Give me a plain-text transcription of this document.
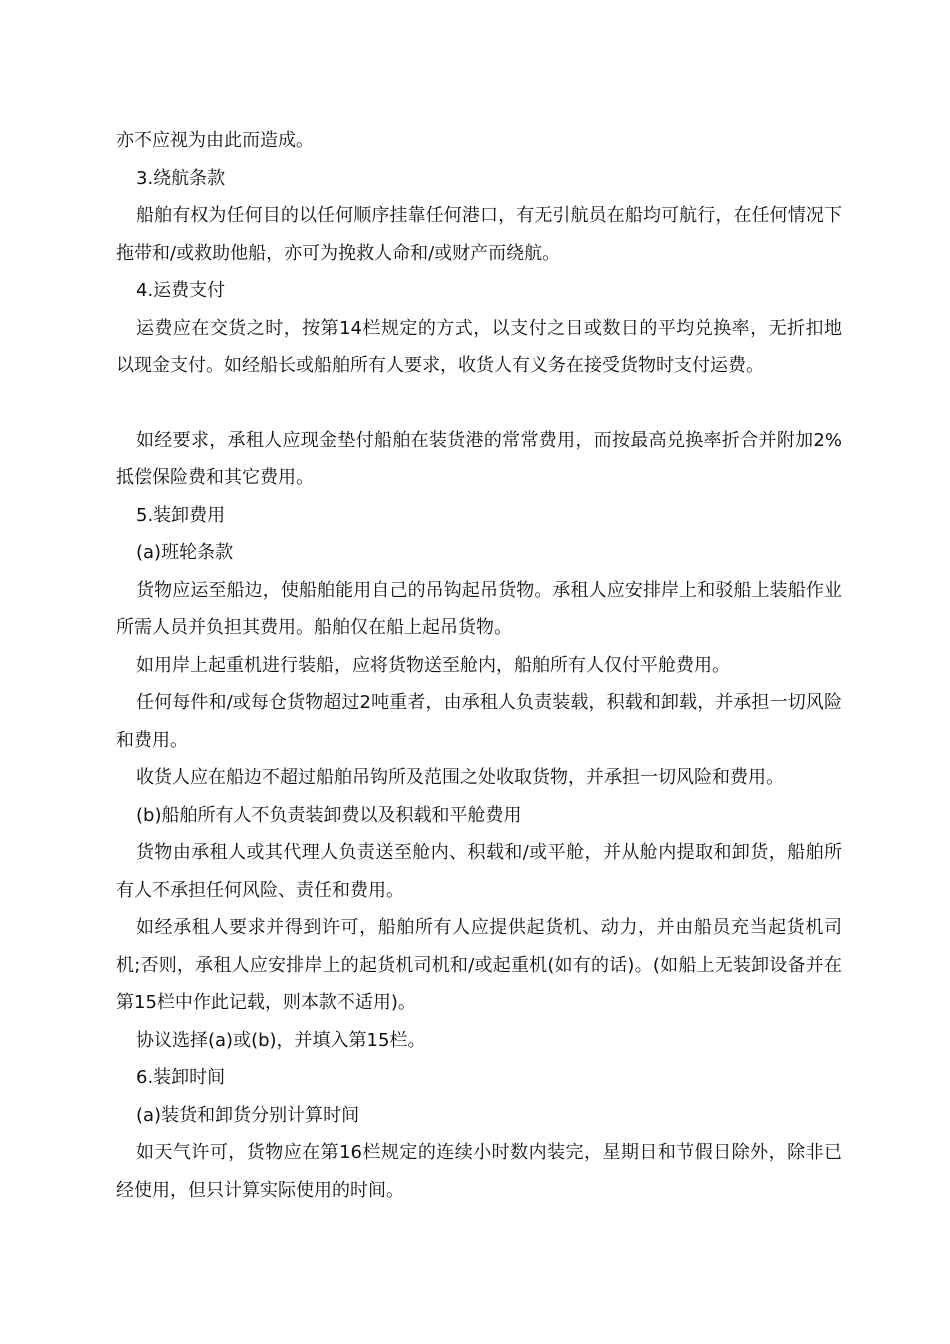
亦不应视为由此而造成。

3.绕航条款

船舶有权为任何目的以任何顺序挂靠任何港口，有无引航员在船均可航行，在任何情况下拖带和/或救助他船，亦可为挽救人命和/或财产而绕航。

4.运费支付

运费应在交货之时，按第14栏规定的方式，以支付之日或数日的平均兑换率，无折扣地以现金支付。如经船长或船舶所有人要求，收货人有义务在接受货物时支付运费。

如经要求，承租人应现金垫付船舶在装货港的常常费用，而按最高兑换率折合并附加2%抵偿保险费和其它费用。

5.装卸费用

(a)班轮条款

货物应运至船边，使船舶能用自己的吊钩起吊货物。承租人应安排岸上和驳船上装船作业所需人员并负担其费用。船舶仅在船上起吊货物。

如用岸上起重机进行装船，应将货物送至舱内，船舶所有人仅付平舱费用。

任何每件和/或每仓货物超过2吨重者，由承租人负责装载，积载和卸载，并承担一切风险和费用。

收货人应在船边不超过船舶吊钩所及范围之处收取货物，并承担一切风险和费用。

(b)船舶所有人不负责装卸费以及积载和平舱费用

货物由承租人或其代理人负责送至舱内、积载和/或平舱，并从舱内提取和卸货，船舶所有人不承担任何风险、责任和费用。

如经承租人要求并得到许可，船舶所有人应提供起货机、动力，并由船员充当起货机司机;否则，承租人应安排岸上的起货机司机和/或起重机(如有的话)。(如船上无装卸设备并在第15栏中作此记载，则本款不适用)。

协议选择(a)或(b)，并填入第15栏。

6.装卸时间

(a)装货和卸货分别计算时间

如天气许可，货物应在第16栏规定的连续小时数内装完，星期日和节假日除外，除非已经使用，但只计算实际使用的时间。
